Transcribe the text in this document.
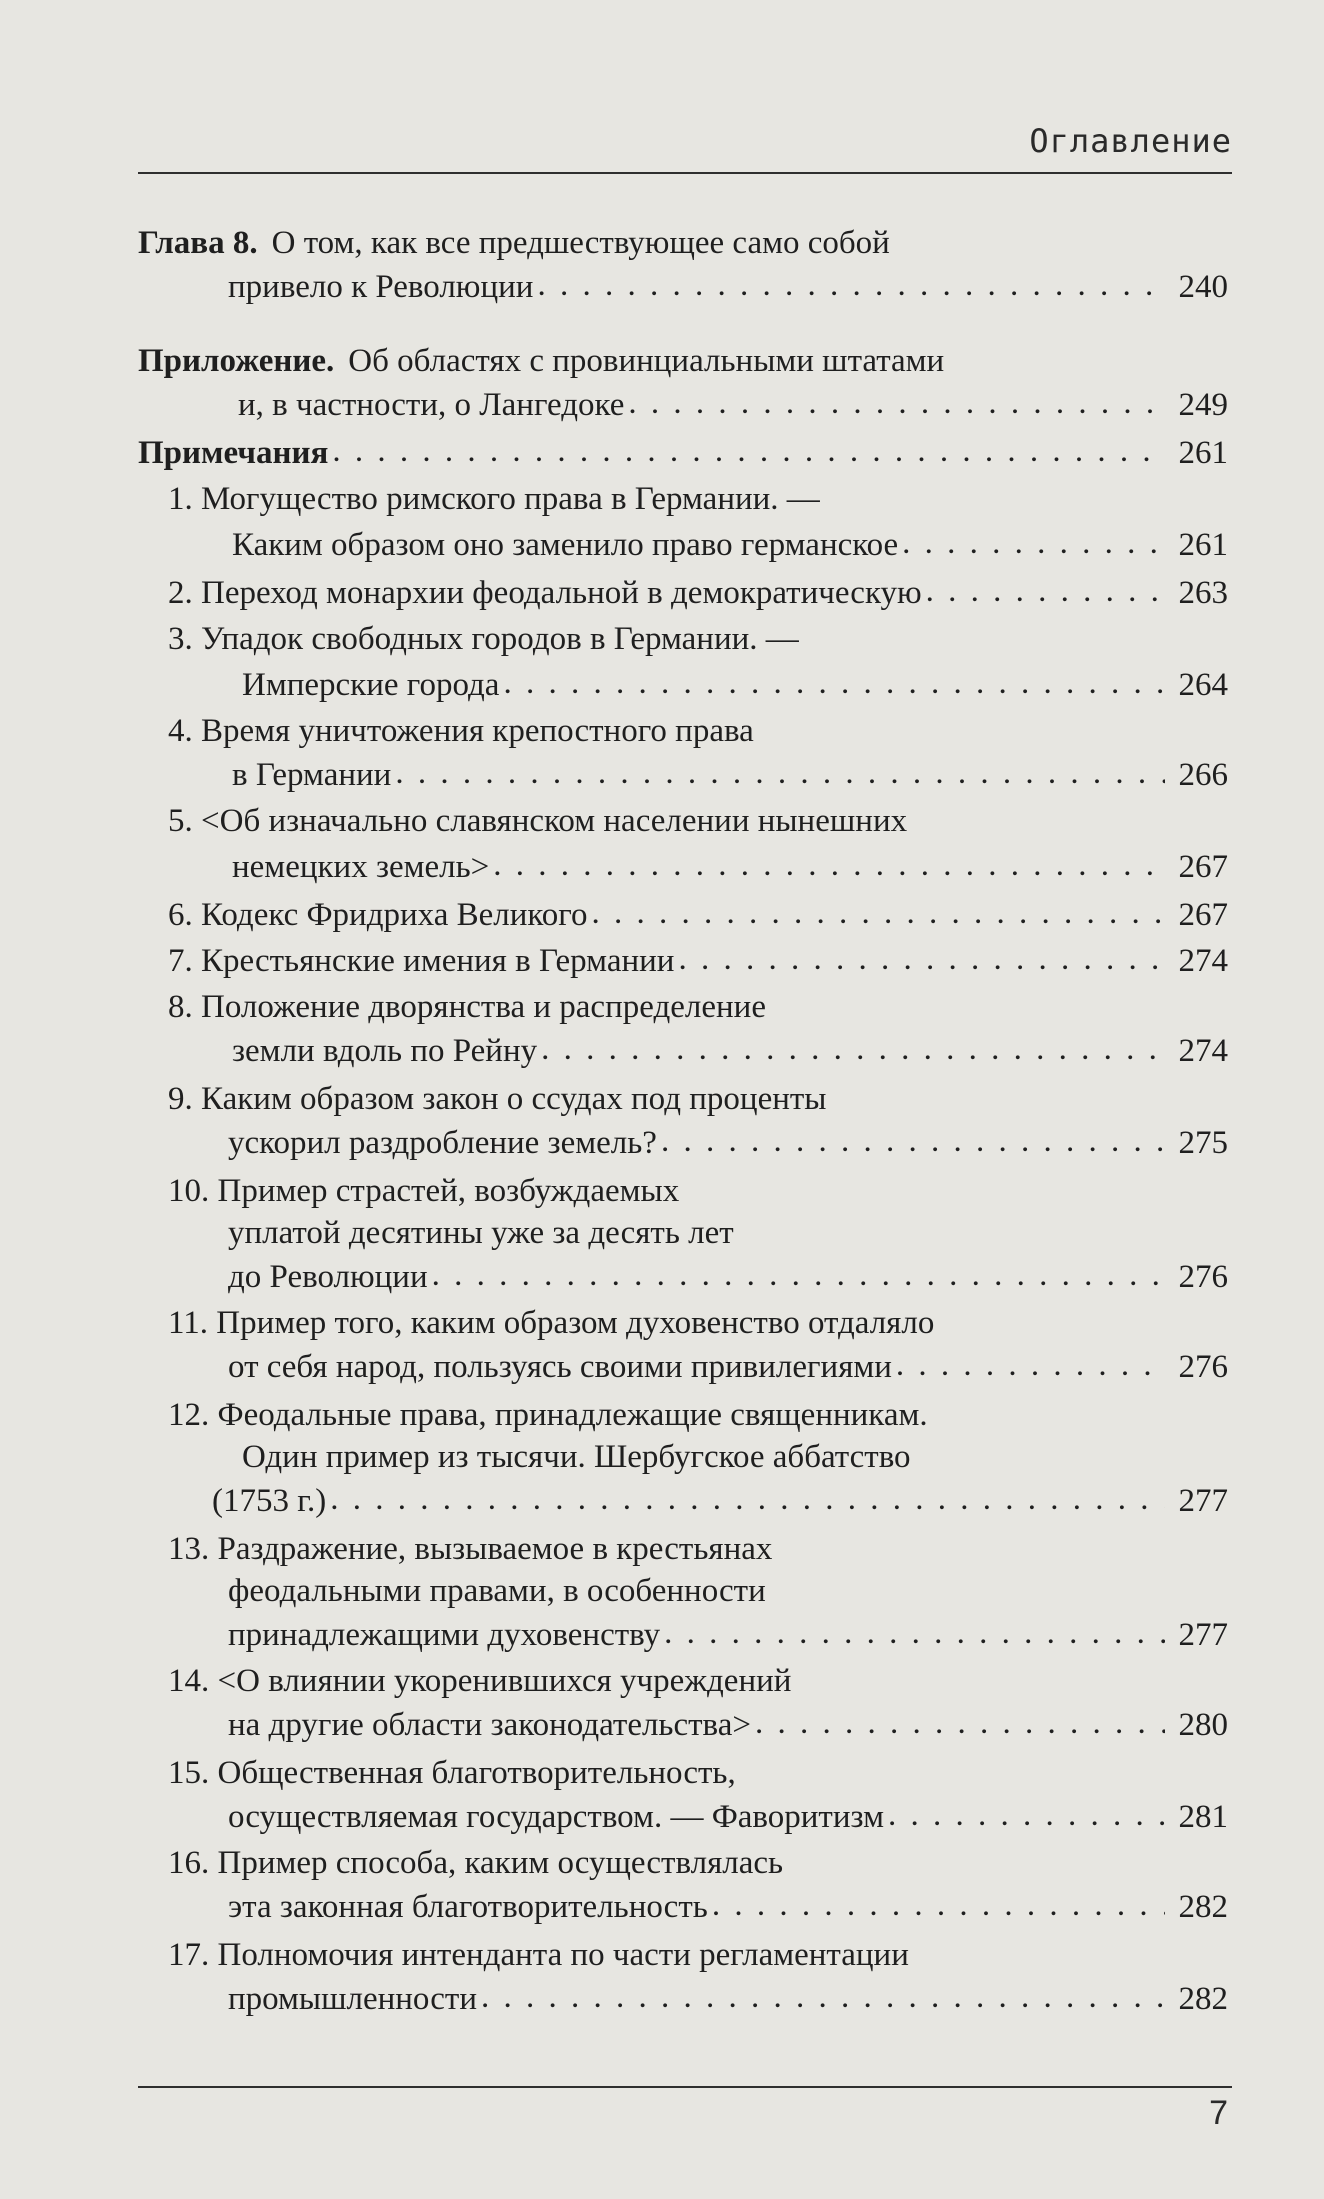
Оглавление
Глава 8. О том, как все предшествующее само собой
привело к Революции . . .	240
Приложение. Об областях с провинциальными штатами
и, в частности, о Лангедоке . . .	249
Примечания . . .	261
1. Могущество римского права в Германии. —
Каким образом оно заменило право германское . . .	261
2. Переход монархии феодальной в демократическую . . .	263
3. Упадок свободных городов в Германии. —
Имперские города . . .	264
4. Время уничтожения крепостного права
в Германии . . .	266
5. <Об изначально славянском населении нынешних
немецких земель> . . .	267
6. Кодекс Фридриха Великого . . .	267
7. Крестьянские имения в Германии . . .	274
8. Положение дворянства и распределение
земли вдоль по Рейну . . .	274
9. Каким образом закон о ссудах под проценты
ускорил раздробление земель? . . .	275
10. Пример страстей, возбуждаемых
уплатой десятины уже за десять лет
до Революции . . .	276
11. Пример того, каким образом духовенство отдаляло
от себя народ, пользуясь своими привилегиями . . .	276
12. Феодальные права, принадлежащие священникам.
Один пример из тысячи. Шербугское аббатство
(1753 г.) . . .	277
13. Раздражение, вызываемое в крестьянах
феодальными правами, в особенности
принадлежащими духовенству . . .	277
14. <О влиянии укоренившихся учреждений
на другие области законодательства> . . .	280
15. Общественная благотворительность,
осуществляемая государством. — Фаворитизм . . .	281
16. Пример способа, каким осуществлялась
эта законная благотворительность . . .	282
17. Полномочия интенданта по части регламентации
промышленности . . .	282
7
